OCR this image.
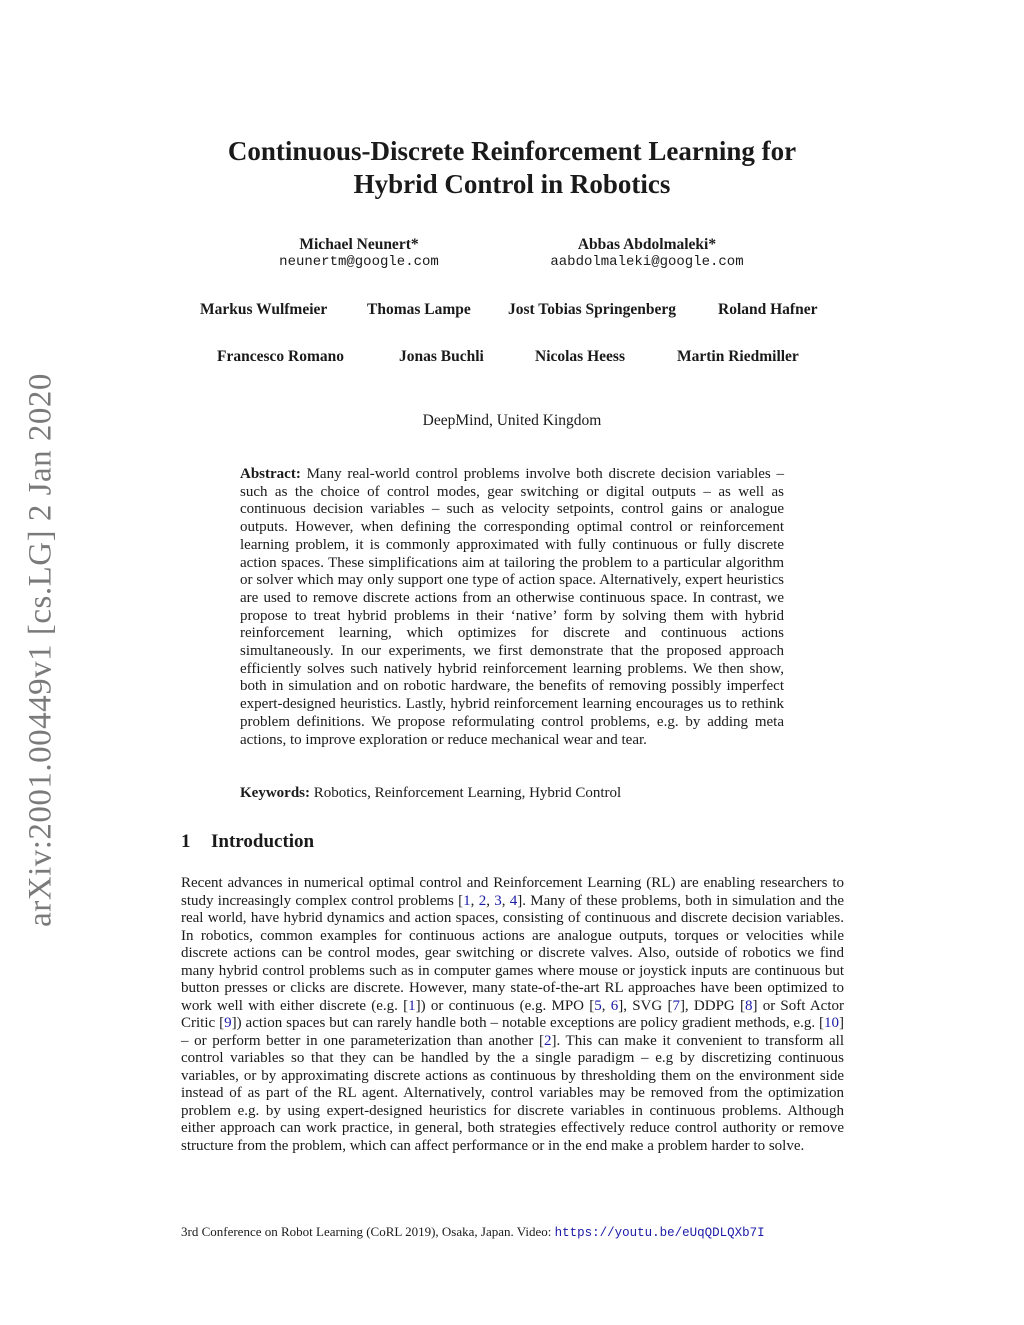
arXiv:2001.00449v1 [cs.LG] 2 Jan 2020
Continuous-Discrete Reinforcement Learning for
Hybrid Control in Robotics
Michael Neunert*
neunertm@google.com
Abbas Abdolmaleki*
aabdolmaleki@google.com
Markus Wulfmeier	Thomas Lampe Jost Tobias Springenberg	Roland Hafner
Francesco Romano	Jonas Buchli	Nicolas Heess	Martin Riedmiller
DeepMind, United Kingdom
Abstract: Many real-world control problems involve both discrete decision variables – such as the choice of control modes, gear switching or digital outputs – as well as continuous decision variables – such as velocity setpoints, control gains or analogue outputs. However, when defining the corresponding optimal control or reinforcement learning problem, it is commonly approximated with fully continuous or fully discrete action spaces. These simplifications aim at tailoring the problem to a particular algorithm or solver which may only support one type of action space. Alternatively, expert heuristics are used to remove discrete actions from an otherwise continuous space. In contrast, we propose to treat hybrid problems in their ‘native’ form by solving them with hybrid reinforcement learning, which optimizes for discrete and continuous actions simultaneously. In our experiments, we first demonstrate that the proposed approach efficiently solves such natively hybrid reinforcement learning problems. We then show, both in simulation and on robotic hardware, the benefits of removing possibly imperfect expert-designed heuristics. Lastly, hybrid reinforcement learning encourages us to rethink problem definitions. We propose reformulating control problems, e.g. by adding meta actions, to improve exploration or reduce mechanical wear and tear.
Keywords: Robotics, Reinforcement Learning, Hybrid Control
1 Introduction
Recent advances in numerical optimal control and Reinforcement Learning (RL) are enabling researchers to study increasingly complex control problems [1, 2, 3, 4]. Many of these problems, both in simulation and the real world, have hybrid dynamics and action spaces, consisting of continuous and discrete decision variables. In robotics, common examples for continuous actions are analogue outputs, torques or velocities while discrete actions can be control modes, gear switching or discrete valves. Also, outside of robotics we find many hybrid control problems such as in computer games where mouse or joystick inputs are continuous but button presses or clicks are discrete. However, many state-of-the-art RL approaches have been optimized to work well with either discrete (e.g. [1]) or continuous (e.g. MPO [5, 6], SVG [7], DDPG [8] or Soft Actor Critic [9]) action spaces but can rarely handle both – notable exceptions are policy gradient methods, e.g. [10] – or perform better in one parameterization than another [2]. This can make it convenient to transform all control variables so that they can be handled by the a single paradigm – e.g by discretizing continuous variables, or by approximating discrete actions as continuous by thresholding them on the environment side instead of as part of the RL agent. Alternatively, control variables may be removed from the optimization problem e.g. by using expert-designed heuristics for discrete variables in continuous problems. Although either approach can work practice, in general, both strategies effectively reduce control authority or remove structure from the problem, which can affect performance or in the end make a problem harder to solve.
3rd Conference on Robot Learning (CoRL 2019), Osaka, Japan. Video: https://youtu.be/eUqQDLQXb7I
